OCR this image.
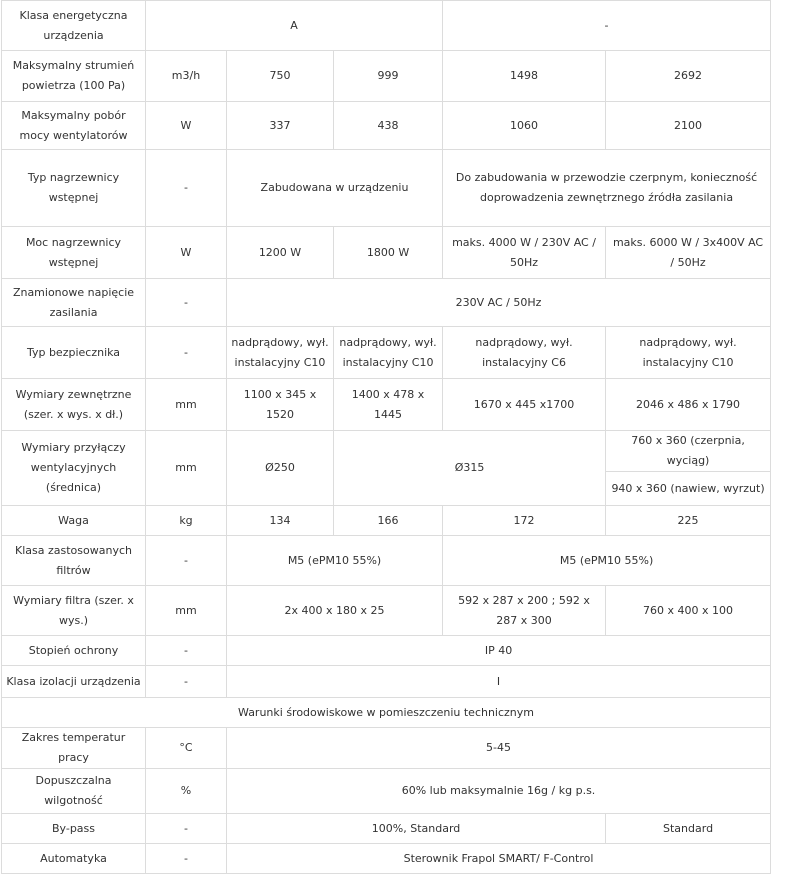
Klasa energetyczna urządzenia	A			-	
Maksymalny strumień powietrza (100 Pa)	m3/h	750	999	1498	2692
Maksymalny pobór mocy wentylatorów	W	337	438	1060	2100
Typ nagrzewnicy wstępnej	-	Zabudowana w urządzeniu		Do zabudowania w przewodzie czerpnym, konieczność doprowadzenia zewnętrznego źródła zasilania	
Moc nagrzewnicy wstępnej	W	1200 W	1800 W	maks. 4000 W / 230V AC / 50Hz	maks. 6000 W / 3x400V AC / 50Hz
Znamionowe napięcie zasilania	-	230V AC / 50Hz			
Typ bezpiecznika	-	nadprądowy, wył. instalacyjny C10	nadprądowy, wył. instalacyjny C10	nadprądowy, wył. instalacyjny C6	nadprądowy, wył. instalacyjny C10
Wymiary zewnętrzne (szer. x wys. x dł.)	mm	1100 x 345 x 1520	1400 x 478 x 1445	1670 x 445 x1700	2046 x 486 x 1790
Wymiary przyłączy wentylacyjnych (średnica)	mm	Ø250	Ø315		760 x 360 (czerpnia, wyciąg)
					940 x 360 (nawiew, wyrzut)
Waga	kg	134	166	172	225
Klasa zastosowanych filtrów	-	M5 (ePM10 55%)		M5 (ePM10 55%)	
Wymiary filtra (szer. x wys.)	mm	2x 400 x 180 x 25		592 x 287 x 200 ; 592 x 287 x 300	760 x 400 x 100
Stopień ochrony	-	IP 40			
Klasa izolacji urządzenia	-	I			
Warunki środowiskowe w pomieszczeniu technicznym					
Zakres temperatur pracy	°C	5-45			
Dopuszczalna wilgotność	%	60% lub maksymalnie 16g / kg p.s.			
By-pass	-	100%, Standard			Standard
Automatyka	-	Sterownik Frapol SMART/ F-Control			
